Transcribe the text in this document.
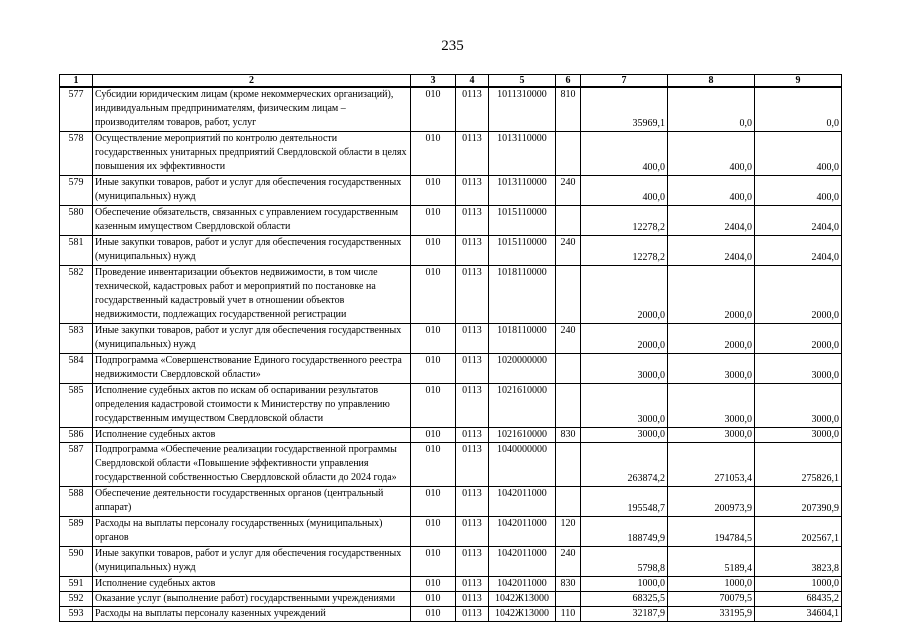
235
1	2	3	4	5	6	7	8	9
577	Субсидии юридическим лицам (кроме некоммерческих организаций), индивидуальным предпринимателям, физическим лицам – производителям товаров, работ, услуг	010	0113	1011310000	810	35969,1	0,0	0,0
578	Осуществление мероприятий по контролю деятельности государственных унитарных предприятий Свердловской области в целях повышения их эффективности	010	0113	1013110000		400,0	400,0	400,0
579	Иные закупки товаров, работ и услуг для обеспечения государственных (муниципальных) нужд	010	0113	1013110000	240	400,0	400,0	400,0
580	Обеспечение обязательств, связанных с управлением государственным казенным имуществом Свердловской области	010	0113	1015110000		12278,2	2404,0	2404,0
581	Иные закупки товаров, работ и услуг для обеспечения государственных (муниципальных) нужд	010	0113	1015110000	240	12278,2	2404,0	2404,0
582	Проведение инвентаризации объектов недвижимости, в том числе технической, кадастровых работ и мероприятий по постановке на государственный кадастровый учет в отношении объектов недвижимости, подлежащих государственной регистрации	010	0113	1018110000		2000,0	2000,0	2000,0
583	Иные закупки товаров, работ и услуг для обеспечения государственных (муниципальных) нужд	010	0113	1018110000	240	2000,0	2000,0	2000,0
584	Подпрограмма «Совершенствование Единого государственного реестра недвижимости Свердловской области»	010	0113	1020000000		3000,0	3000,0	3000,0
585	Исполнение судебных актов по искам об оспаривании результатов определения кадастровой стоимости к Министерству по управлению государственным имуществом Свердловской области	010	0113	1021610000		3000,0	3000,0	3000,0
586	Исполнение судебных актов	010	0113	1021610000	830	3000,0	3000,0	3000,0
587	Подпрограмма «Обеспечение реализации государственной программы Свердловской области «Повышение эффективности управления государственной собственностью Свердловской области до 2024 года»	010	0113	1040000000		263874,2	271053,4	275826,1
588	Обеспечение деятельности государственных органов (центральный аппарат)	010	0113	1042011000		195548,7	200973,9	207390,9
589	Расходы на выплаты персоналу государственных (муниципальных) органов	010	0113	1042011000	120	188749,9	194784,5	202567,1
590	Иные закупки товаров, работ и услуг для обеспечения государственных (муниципальных) нужд	010	0113	1042011000	240	5798,8	5189,4	3823,8
591	Исполнение судебных актов	010	0113	1042011000	830	1000,0	1000,0	1000,0
592	Оказание услуг (выполнение работ) государственными учреждениями	010	0113	1042Ж13000		68325,5	70079,5	68435,2
593	Расходы на выплаты персоналу казенных учреждений	010	0113	1042Ж13000	110	32187,9	33195,9	34604,1
